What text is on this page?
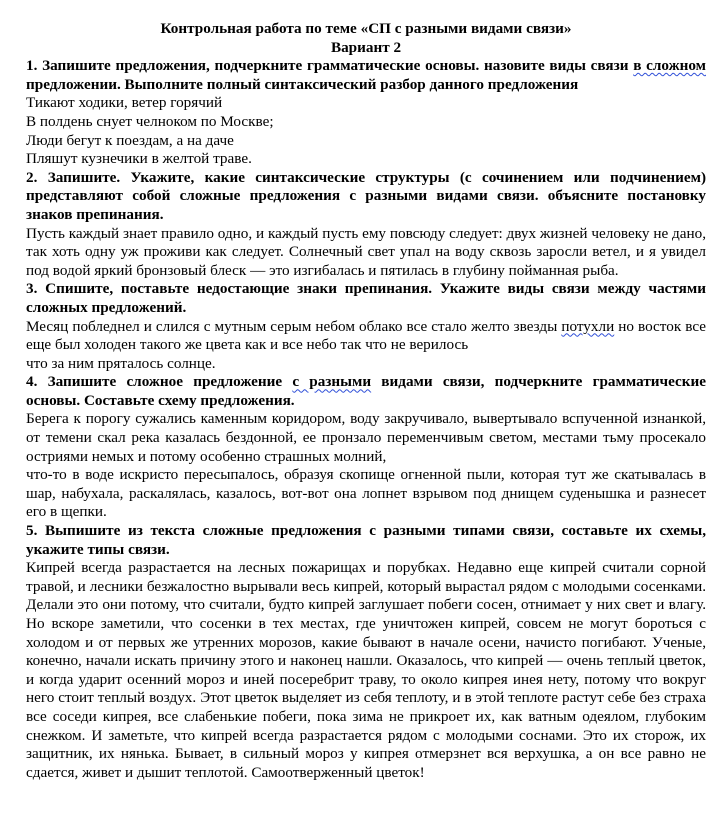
Контрольная работа по теме «СП с разными видами связи»

Вариант 2

1. Запишите предложения, подчеркните грамматические основы. назовите виды связи в сложном предложении. Выполните полный синтаксический разбор данного предложения

Тикают ходики, ветер горячий

В полдень снует челноком по Москве;

Люди бегут к поездам, а на даче

Пляшут кузнечики в желтой траве.

2. Запишите. Укажите, какие синтаксические структуры (с сочинением или подчинением) представляют собой сложные предложения с разными видами связи. объясните постановку знаков препинания.

Пусть каждый знает правило одно, и каждый пусть ему повсюду следует: двух жизней человеку не дано, так хоть одну уж проживи как следует. Солнечный свет упал на воду сквозь заросли ветел, и я увидел под водой яркий бронзовый блеск — это изгибалась и пятилась в глубину пойманная рыба.

3. Спишите, поставьте недостающие знаки препинания. Укажите виды связи между частями сложных предложений.

Месяц побледнел и слился с мутным серым небом облако все стало желто звезды потухли но восток все еще был холоден такого же цвета как и все небо так что не верилось

что за ним пряталось солнце.

4. Запишите сложное предложение с разными видами связи, подчеркните грамматические основы. Составьте схему предложения.

Берега к порогу сужались каменным коридором, воду закручивало, вывертывало вспученной изнанкой, от темени скал река казалась бездонной, ее пронзало переменчивым светом, местами тьму просекало остриями немых и потому особенно страшных молний,

что-то в воде искристо пересыпалось, образуя скопище огненной пыли, которая тут же скатывалась в шар, набухала, раскалялась, казалось, вот-вот она лопнет взрывом под днищем суденышка и разнесет его в щепки.

5. Выпишите из текста сложные предложения с разными типами связи, составьте их схемы, укажите типы связи.

Кипрей всегда разрастается на лесных пожарищах и порубках. Недавно еще кипрей считали сорной травой, и лесники безжалостно вырывали весь кипрей, который вырастал рядом с молодыми сосенками. Делали это они потому, что считали, будто кипрей заглушает побеги сосен, отнимает у них свет и влагу. Но вскоре заметили, что сосенки в тех местах, где уничтожен кипрей, совсем не могут бороться с холодом и от первых же утренних морозов, какие бывают в начале осени, начисто погибают. Ученые, конечно, начали искать причину этого и наконец нашли. Оказалось, что кипрей — очень теплый цветок, и когда ударит осенний мороз и иней посеребрит траву, то около кипрея инея нету, потому что вокруг него стоит теплый воздух. Этот цветок выделяет из себя теплоту, и в этой теплоте растут себе без страха все соседи кипрея, все слабенькие побеги, пока зима не прикроет их, как ватным одеялом, глубоким снежком. И заметьте, что кипрей всегда разрастается рядом с молодыми соснами. Это их сторож, их защитник, их нянька. Бывает, в сильный мороз у кипрея отмерзнет вся верхушка, а он все равно не сдается, живет и дышит теплотой. Самоотверженный цветок!
